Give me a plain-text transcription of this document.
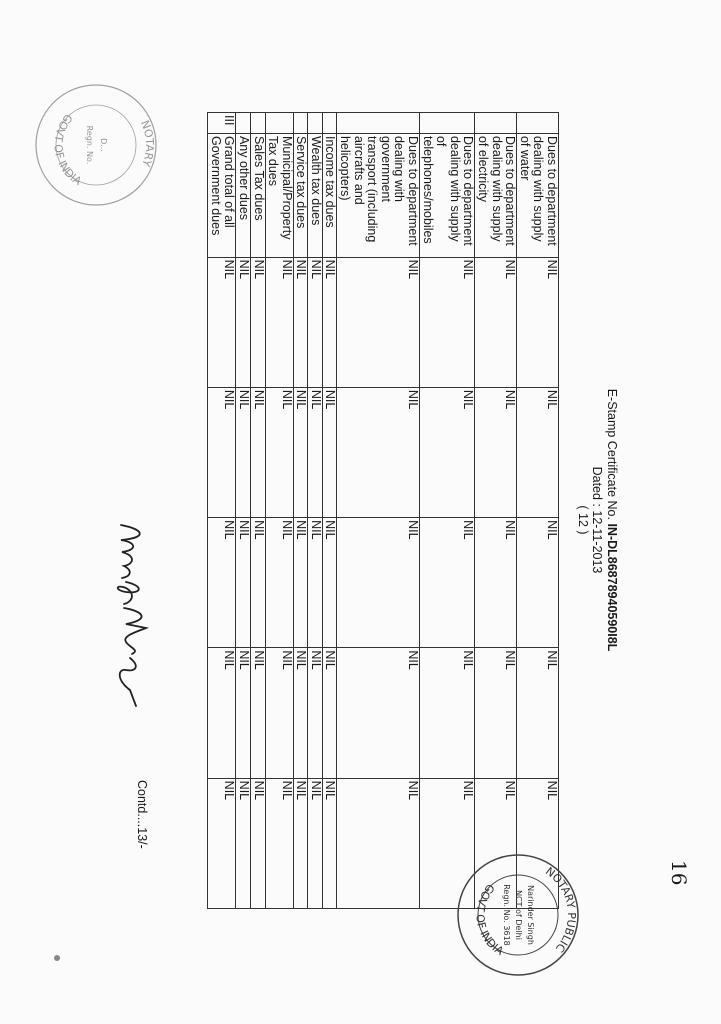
16
E-Stamp Certificate No. IN-DL86878940590I8L
Dated : 12-11-2013
( 12 )
	Dues to department dealing with supply of water	NIL	NIL	NIL	NIL	NIL
	Dues to department dealing with supply of electricity	NIL	NIL	NIL	NIL	NIL
	Dues to department dealing with supply of telephones/mobiles	NIL	NIL	NIL	NIL	NIL
	Dues to department dealing with government transport (including aircrafts and helicopters)	NIL	NIL	NIL	NIL	NIL
	Income tax dues	NIL	NIL	NIL	NIL	NIL
	Wealth tax dues	NIL	NIL	NIL	NIL	NIL
	Service tax dues	NIL	NIL	NIL	NIL	NIL
	Municipal/Property Tax dues	NIL	NIL	NIL	NIL	NIL
	Sales Tax dues	NIL	NIL	NIL	NIL	NIL
	Any other dues	NIL	NIL	NIL	NIL	NIL
III	Grand total of all Government dues	NIL	NIL	NIL	NIL	NIL
Contd....13/-
NOTARY PUBLIC
GOVT OF INDIA
Narinder Singh
NCT of Delhi
Regn. No. 3618
NOTARY
GOVT OF INDIA
D...
Regn. No.
